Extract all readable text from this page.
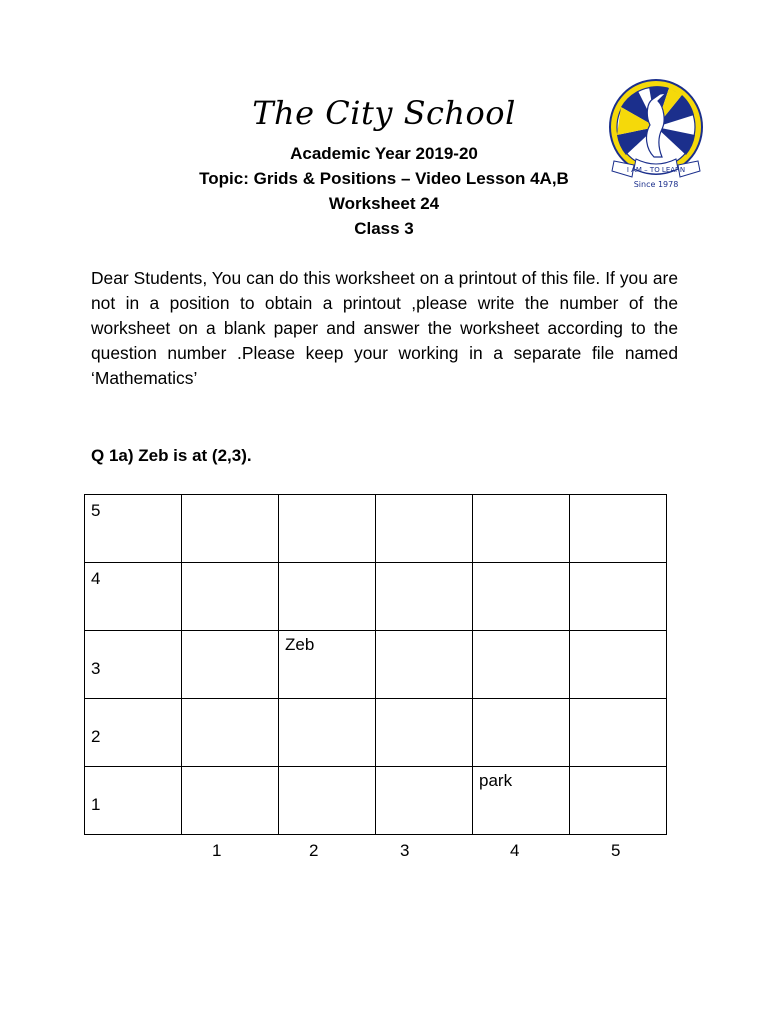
The City School
Academic Year 2019-20
Topic: Grids & Positions – Video Lesson 4A,B
Worksheet 24
Class 3
I AM – TO LEARN
Since 1978

Dear Students, You can do this worksheet on a printout of this file. If you are not in a position to obtain a printout ,please write the number of the worksheet on a blank paper and answer the worksheet according to the question number .Please keep your working in a separate file named ‘Mathematics’

Q 1a) Zeb is at (2,3).
5					

4					

3		Zeb			

2					

1				park	

1	2	3	4	5
